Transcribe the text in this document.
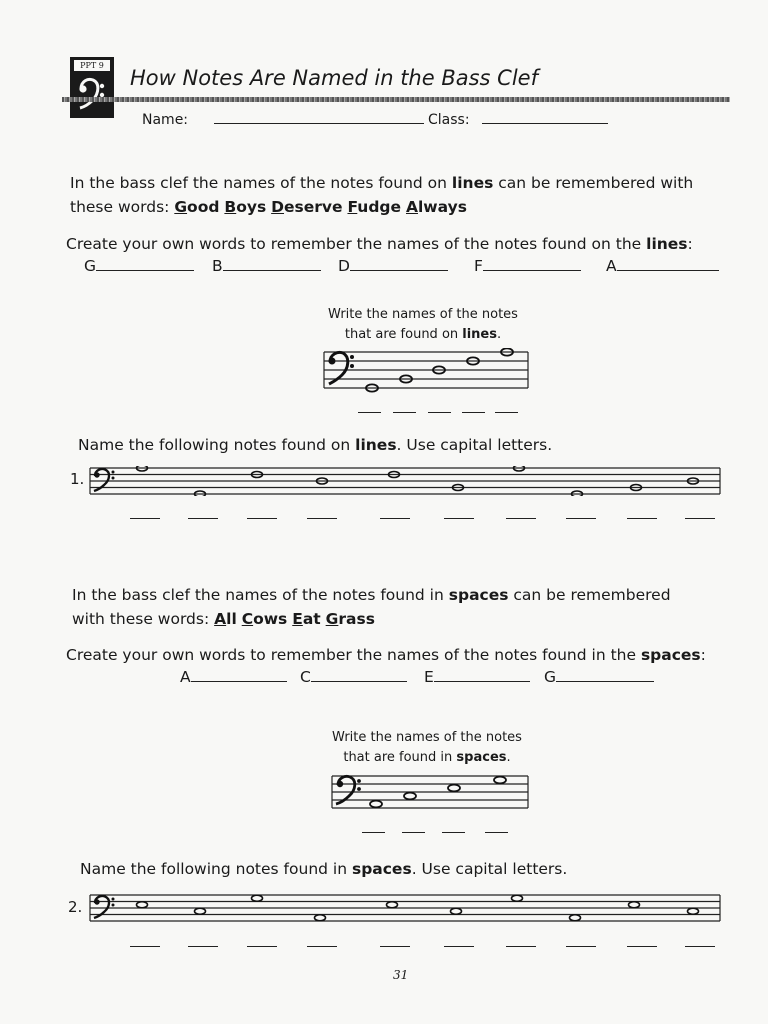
PPT 9
How Notes Are Named in the Bass Clef
Name:	Class:
In the bass clef the names of the notes found on lines can be remembered with
these words: Good Boys Deserve Fudge Always
Create your own words to remember the names of the notes found on the lines:
G	B	D	F	A
Write the names of the notes
that are found on lines.
Name the following notes found on lines. Use capital letters.
1.
In the bass clef the names of the notes found in spaces can be remembered
with these words: All Cows Eat Grass
Create your own words to remember the names of the notes found in the spaces:
A	C	E	G
Write the names of the notes
that are found in spaces.
Name the following notes found in spaces. Use capital letters.
2.
31
